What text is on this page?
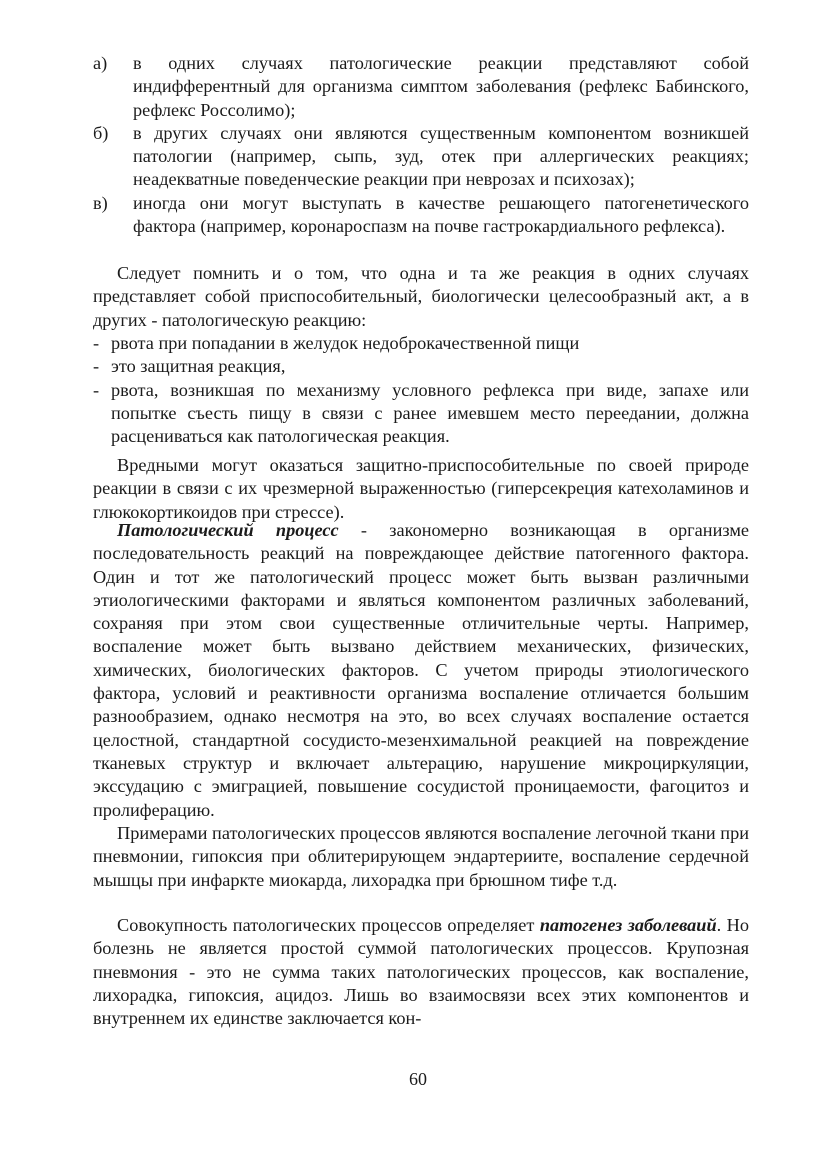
а) в одних случаях патологические реакции представляют собой индифферентный для организма симптом заболевания (рефлекс Бабинского, рефлекс Россолимо);
б) в других случаях они являются существенным компонентом возникшей патологии (например, сыпь, зуд, отек при аллергических реакциях; неадекватные поведенческие реакции при неврозах и психозах);
в) иногда они могут выступать в качестве решающего патогенетического фактора (например, коронароспазм на почве гастрокардиального рефлекса).

Следует помнить и о том, что одна и та же реакция в одних случаях представляет собой приспособительный, биологически целесообразный акт, а в других - патологическую реакцию:

- рвота при попадании в желудок недоброкачественной пищи
- это защитная реакция,
- рвота, возникшая по механизму условного рефлекса при виде, запахе или попытке съесть пищу в связи с ранее имевшем место переедании, должна расцениваться как патологическая реакция.

Вредными могут оказаться защитно-приспособительные по своей природе реакции в связи с их чрезмерной выраженностью (гиперсекреция катехоламинов и глюкокортикоидов при стрессе).

Патологический процесс - закономерно возникающая в организме последовательность реакций на повреждающее действие патогенного фактора. Один и тот же патологический процесс может быть вызван различными этиологическими факторами и являться компонентом различных заболеваний, сохраняя при этом свои существенные отличительные черты. Например, воспаление может быть вызвано действием механических, физических, химических, биологических факторов. С учетом природы этиологического фактора, условий и реактивности организма воспаление отличается большим разнообразием, однако несмотря на это, во всех случаях воспаление остается целостной, стандартной сосудисто-мезенхимальной реакцией на повреждение тканевых структур и включает альтерацию, нарушение микроциркуляции, экссудацию с эмиграцией, повышение сосудистой проницаемости, фагоцитоз и пролиферацию.

Примерами патологических процессов являются воспаление легочной ткани при пневмонии, гипоксия при облитерирующем эндартериите, воспаление сердечной мышцы при инфаркте миокарда, лихорадка при брюшном тифе т.д.

Совокупность патологических процессов определяет патогенез заболеваий. Но болезнь не является простой суммой патологических процессов. Крупозная пневмония - это не сумма таких патологических процессов, как воспаление, лихорадка, гипоксия, ацидоз. Лишь во взаимосвязи всех этих компонентов и внутреннем их единстве заключается кон-

60
